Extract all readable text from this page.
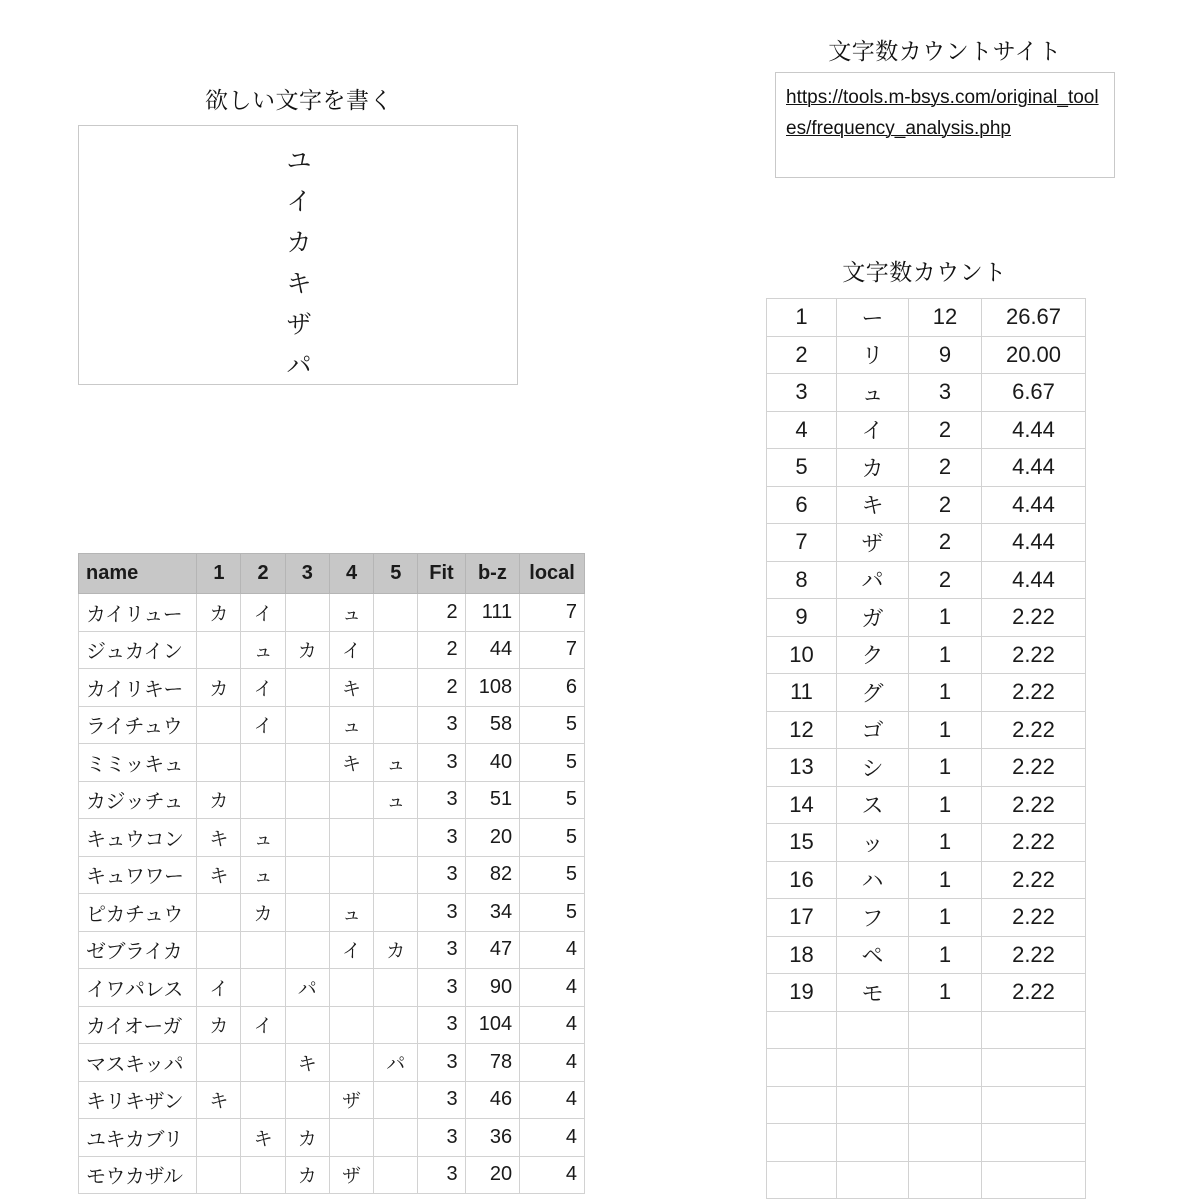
欲しい文字を書く
ユ
イ
カ
キ
ザ
パ
文字数カウントサイト
https://tools.m-bsys.com/original_tooles/frequency_analysis.php
文字数カウント
1	ー	12	26.67
2	リ	9	20.00
3	ュ	3	6.67
4	イ	2	4.44
5	カ	2	4.44
6	キ	2	4.44
7	ザ	2	4.44
8	パ	2	4.44
9	ガ	1	2.22
10	ク	1	2.22
11	グ	1	2.22
12	ゴ	1	2.22
13	シ	1	2.22
14	ス	1	2.22
15	ッ	1	2.22
16	ハ	1	2.22
17	フ	1	2.22
18	ペ	1	2.22
19	モ	1	2.22

name	1	2	3	4	5	Fit	b-z	local
カイリュー	カ	イ		ュ		2	111	7
ジュカイン		ュ	カ	イ		2	44	7
カイリキー	カ	イ		キ		2	108	6
ライチュウ		イ		ュ		3	58	5
ミミッキュ				キ	ュ	3	40	5
カジッチュ	カ				ュ	3	51	5
キュウコン	キ	ュ				3	20	5
キュワワー	キ	ュ				3	82	5
ピカチュウ		カ		ュ		3	34	5
ゼブライカ				イ	カ	3	47	4
イワパレス	イ		パ			3	90	4
カイオーガ	カ	イ				3	104	4
マスキッパ			キ		パ	3	78	4
キリキザン	キ			ザ		3	46	4
ユキカブリ		キ	カ			3	36	4
モウカザル			カ	ザ		3	20	4
